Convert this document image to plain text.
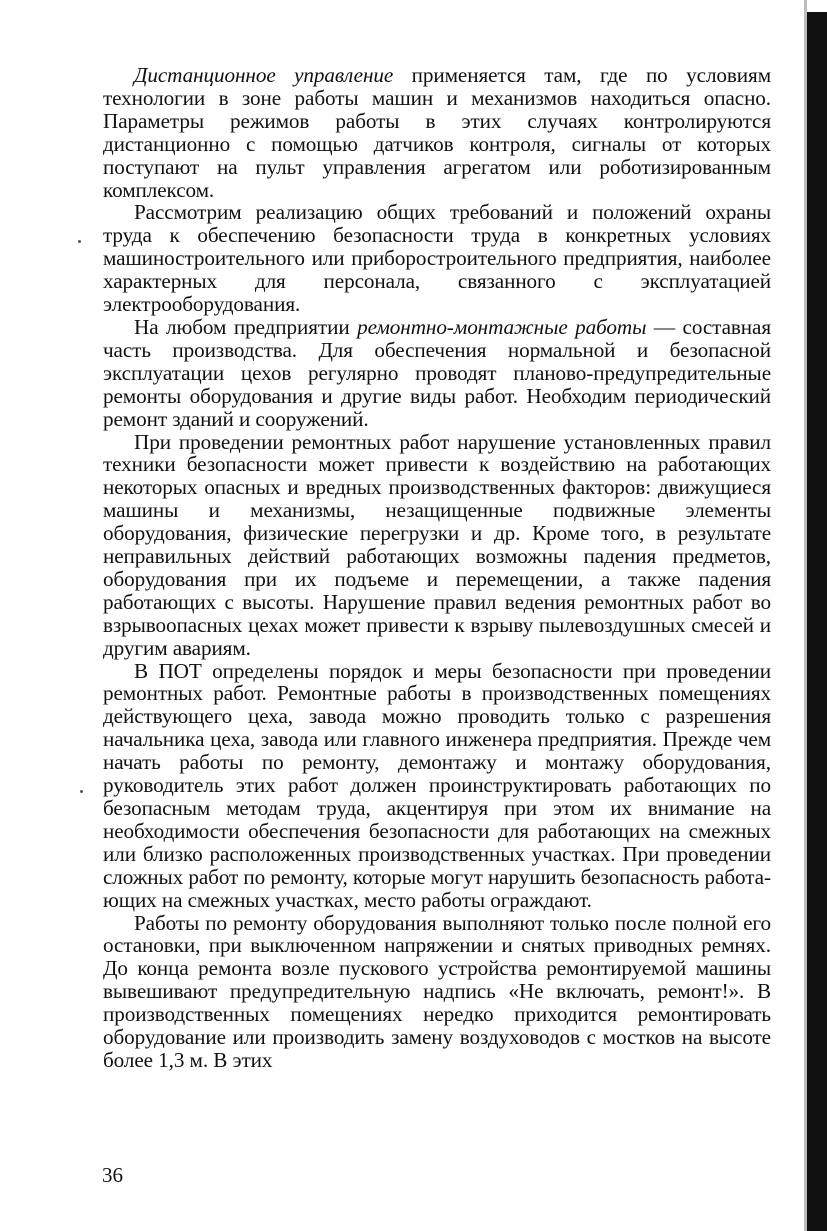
Дистанционное управление применяется там, где по условиям технологии в зоне работы машин и механизмов находиться опасно. Параметры режимов работы в этих случаях контролируются дистанционно с помощью датчиков контроля, сигналы от которых поступают на пульт управления агрегатом или роботизированным комплексом.

Рассмотрим реализацию общих требований и положений охраны труда к обеспечению безопасности труда в конкретных условиях машиностроительного или приборостроительного предприятия, наиболее характерных для персонала, связанного с эксплуатацией электрооборудования.

На любом предприятии ремонтно-монтажные работы — составная часть производства. Для обеспечения нормальной и безопасной эксплуатации цехов регулярно проводят планово-предупредительные ремонты оборудования и другие виды работ. Необходим периодический ремонт зданий и сооружений.

При проведении ремонтных работ нарушение установленных правил техники безопасности может привести к воздействию на работающих некоторых опасных и вредных производственных факторов: движущиеся машины и механизмы, незащищенные подвижные элементы оборудования, физические перегрузки и др. Кроме того, в результате неправильных действий работающих возможны падения предметов, оборудования при их подъеме и перемещении, а также падения работающих с высоты. Нарушение правил ведения ремонтных работ во взрывоопасных цехах может привести к взрыву пылевоздушных смесей и другим авариям.

В ПОТ определены порядок и меры безопасности при проведении ремонтных работ. Ремонтные работы в производственных помещениях действующего цеха, завода можно проводить только с разрешения начальника цеха, завода или главного инженера предприятия. Прежде чем начать работы по ремонту, демонтажу и монтажу оборудования, руководитель этих работ должен проинструктировать работающих по безопасным методам труда, акцентируя при этом их внимание на необходимости обеспечения безопасности для работающих на смежных или близко расположенных производственных участках. При проведении сложных работ по ремонту, которые могут нарушить безопасность работающих на смежных участках, место работы ограждают.

Работы по ремонту оборудования выполняют только после полной его остановки, при выключенном напряжении и снятых приводных ремнях. До конца ремонта возле пускового устройства ремонтируемой машины вывешивают предупредительную надпись «Не включать, ремонт!». В производственных помещениях нередко приходится ремонтировать оборудование или производить замену воздуховодов с мостков на высоте более 1,3 м. В этих

36
